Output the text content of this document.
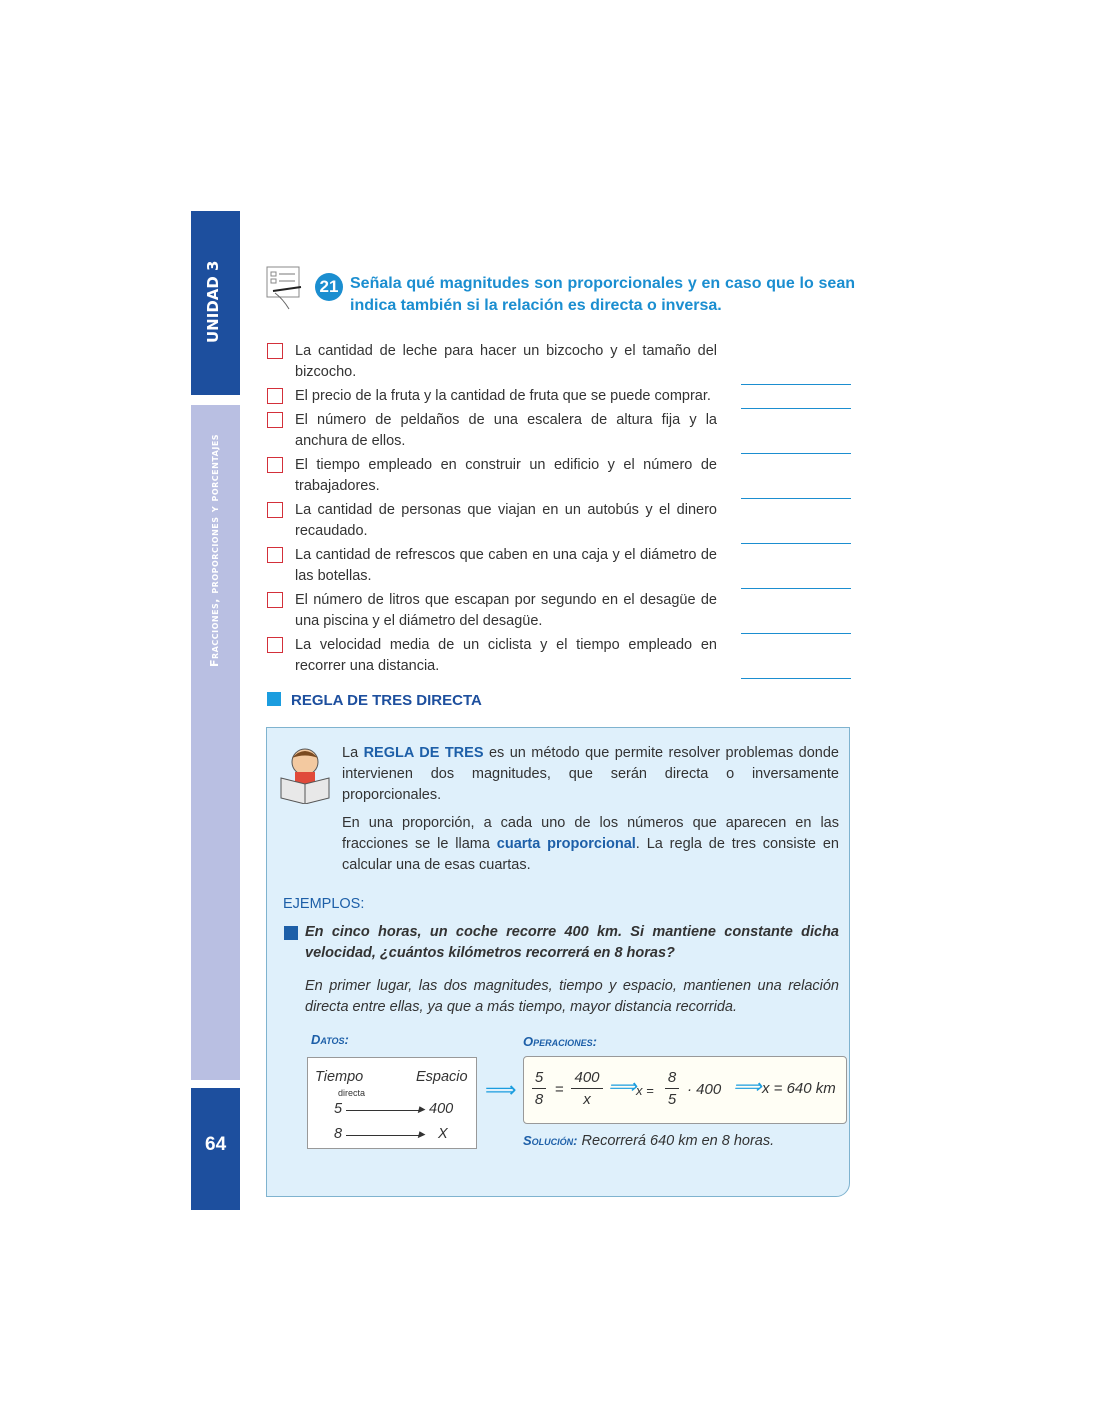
UNIDAD 3
Fracciones, proporciones y porcentajes
64
21 Señala qué magnitudes son proporcionales y en caso que lo sean indica también si la relación es directa o inversa.
La cantidad de leche para hacer un bizcocho y el tamaño del bizcocho.
El precio de la fruta y la cantidad de fruta que se puede comprar.
El número de peldaños de una escalera de altura fija y la anchura de ellos.
El tiempo empleado en construir un edificio y el número de trabajadores.
La cantidad de personas que viajan en un autobús y el dinero recaudado.
La cantidad de refrescos que caben en una caja y el diámetro de las botellas.
El número de litros que escapan por segundo en el desagüe de una piscina y el diámetro del desagüe.
La velocidad media de un ciclista y el tiempo empleado en recorrer una distancia.
REGLA DE TRES DIRECTA
La REGLA DE TRES es un método que permite resolver problemas donde intervienen dos magnitudes, que serán directa o inversamente proporcionales.
En una proporción, a cada uno de los números que aparecen en las fracciones se le llama cuarta proporcional. La regla de tres consiste en calcular una de esas cuartas.
EJEMPLOS:
En cinco horas, un coche recorre 400 km. Si mantiene constante dicha velocidad, ¿cuántos kilómetros recorrerá en 8 horas?
En primer lugar, las dos magnitudes, tiempo y espacio, mantienen una relación directa entre ellas, ya que a más tiempo, mayor distancia recorrida.
Datos:
Tiempo	Espacio
directa
5	▶ 400
8	▶ X
⟹
Operaciones:
5
8
=
400
x
⟹ x =
8
5
· 400 ⟹ x = 640 km
Solución: Recorrerá 640 km en 8 horas.
